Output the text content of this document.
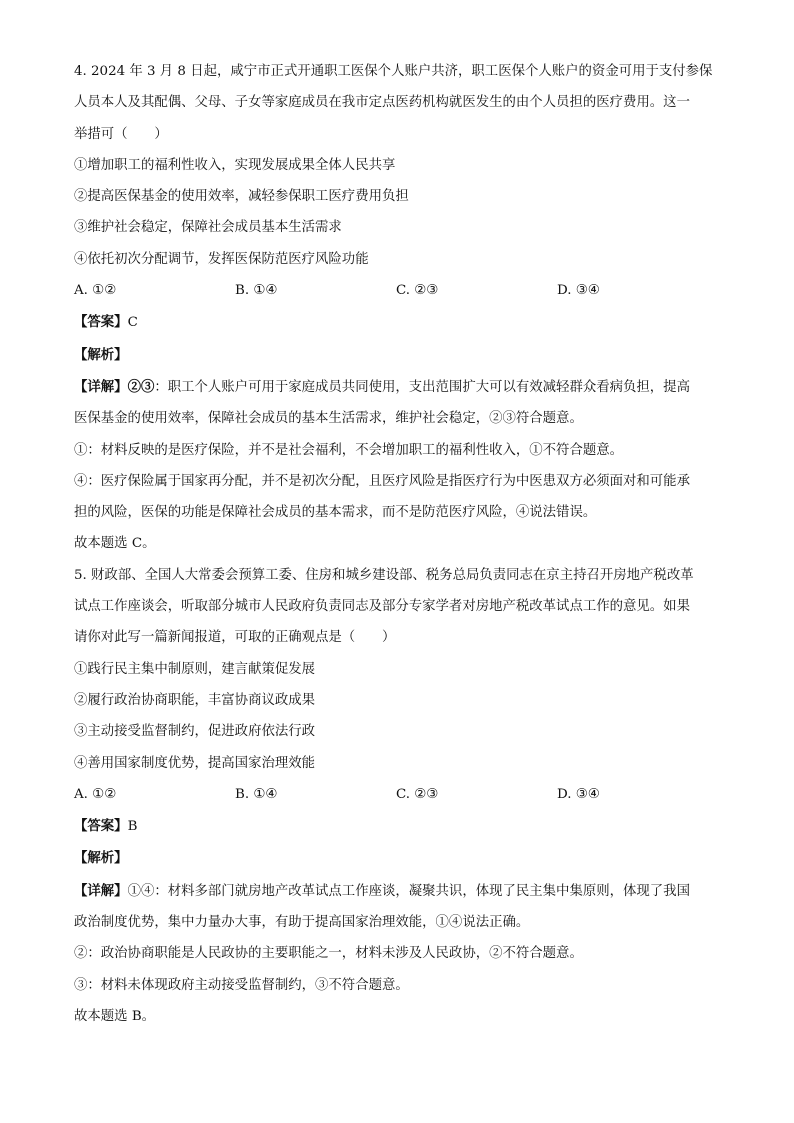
4. 2024 年 3 月 8 日起，咸宁市正式开通职工医保个人账户共济，职工医保个人账户的资金可用于支付参保
人员本人及其配偶、父母、子女等家庭成员在我市定点医药机构就医发生的由个人员担的医疗费用。这一
举措可（　　）
①增加职工的福利性收入，实现发展成果全体人民共享
②提高医保基金的使用效率，减轻参保职工医疗费用负担
③维护社会稳定，保障社会成员基本生活需求
④依托初次分配调节，发挥医保防范医疗风险功能
A. ①②	B. ①④	C. ②③	D. ③④
【答案】C
【解析】
【详解】②③：职工个人账户可用于家庭成员共同使用，支出范围扩大可以有效减轻群众看病负担，提高
医保基金的使用效率，保障社会成员的基本生活需求，维护社会稳定，②③符合题意。
①：材料反映的是医疗保险，并不是社会福利，不会增加职工的福利性收入，①不符合题意。
④：医疗保险属于国家再分配，并不是初次分配，且医疗风险是指医疗行为中医患双方必须面对和可能承
担的风险，医保的功能是保障社会成员的基本需求，而不是防范医疗风险，④说法错误。
故本题选 C。
5. 财政部、全国人大常委会预算工委、住房和城乡建设部、税务总局负责同志在京主持召开房地产税改革
试点工作座谈会，听取部分城市人民政府负责同志及部分专家学者对房地产税改革试点工作的意见。如果
请你对此写一篇新闻报道，可取的正确观点是（　　）
①践行民主集中制原则，建言献策促发展
②履行政治协商职能，丰富协商议政成果
③主动接受监督制约，促进政府依法行政
④善用国家制度优势，提高国家治理效能
A. ①②	B. ①④	C. ②③	D. ③④
【答案】B
【解析】
【详解】①④：材料多部门就房地产改革试点工作座谈，凝聚共识，体现了民主集中集原则，体现了我国
政治制度优势，集中力量办大事，有助于提高国家治理效能，①④说法正确。
②：政治协商职能是人民政协的主要职能之一，材料未涉及人民政协，②不符合题意。
③：材料未体现政府主动接受监督制约，③不符合题意。
故本题选 B。
